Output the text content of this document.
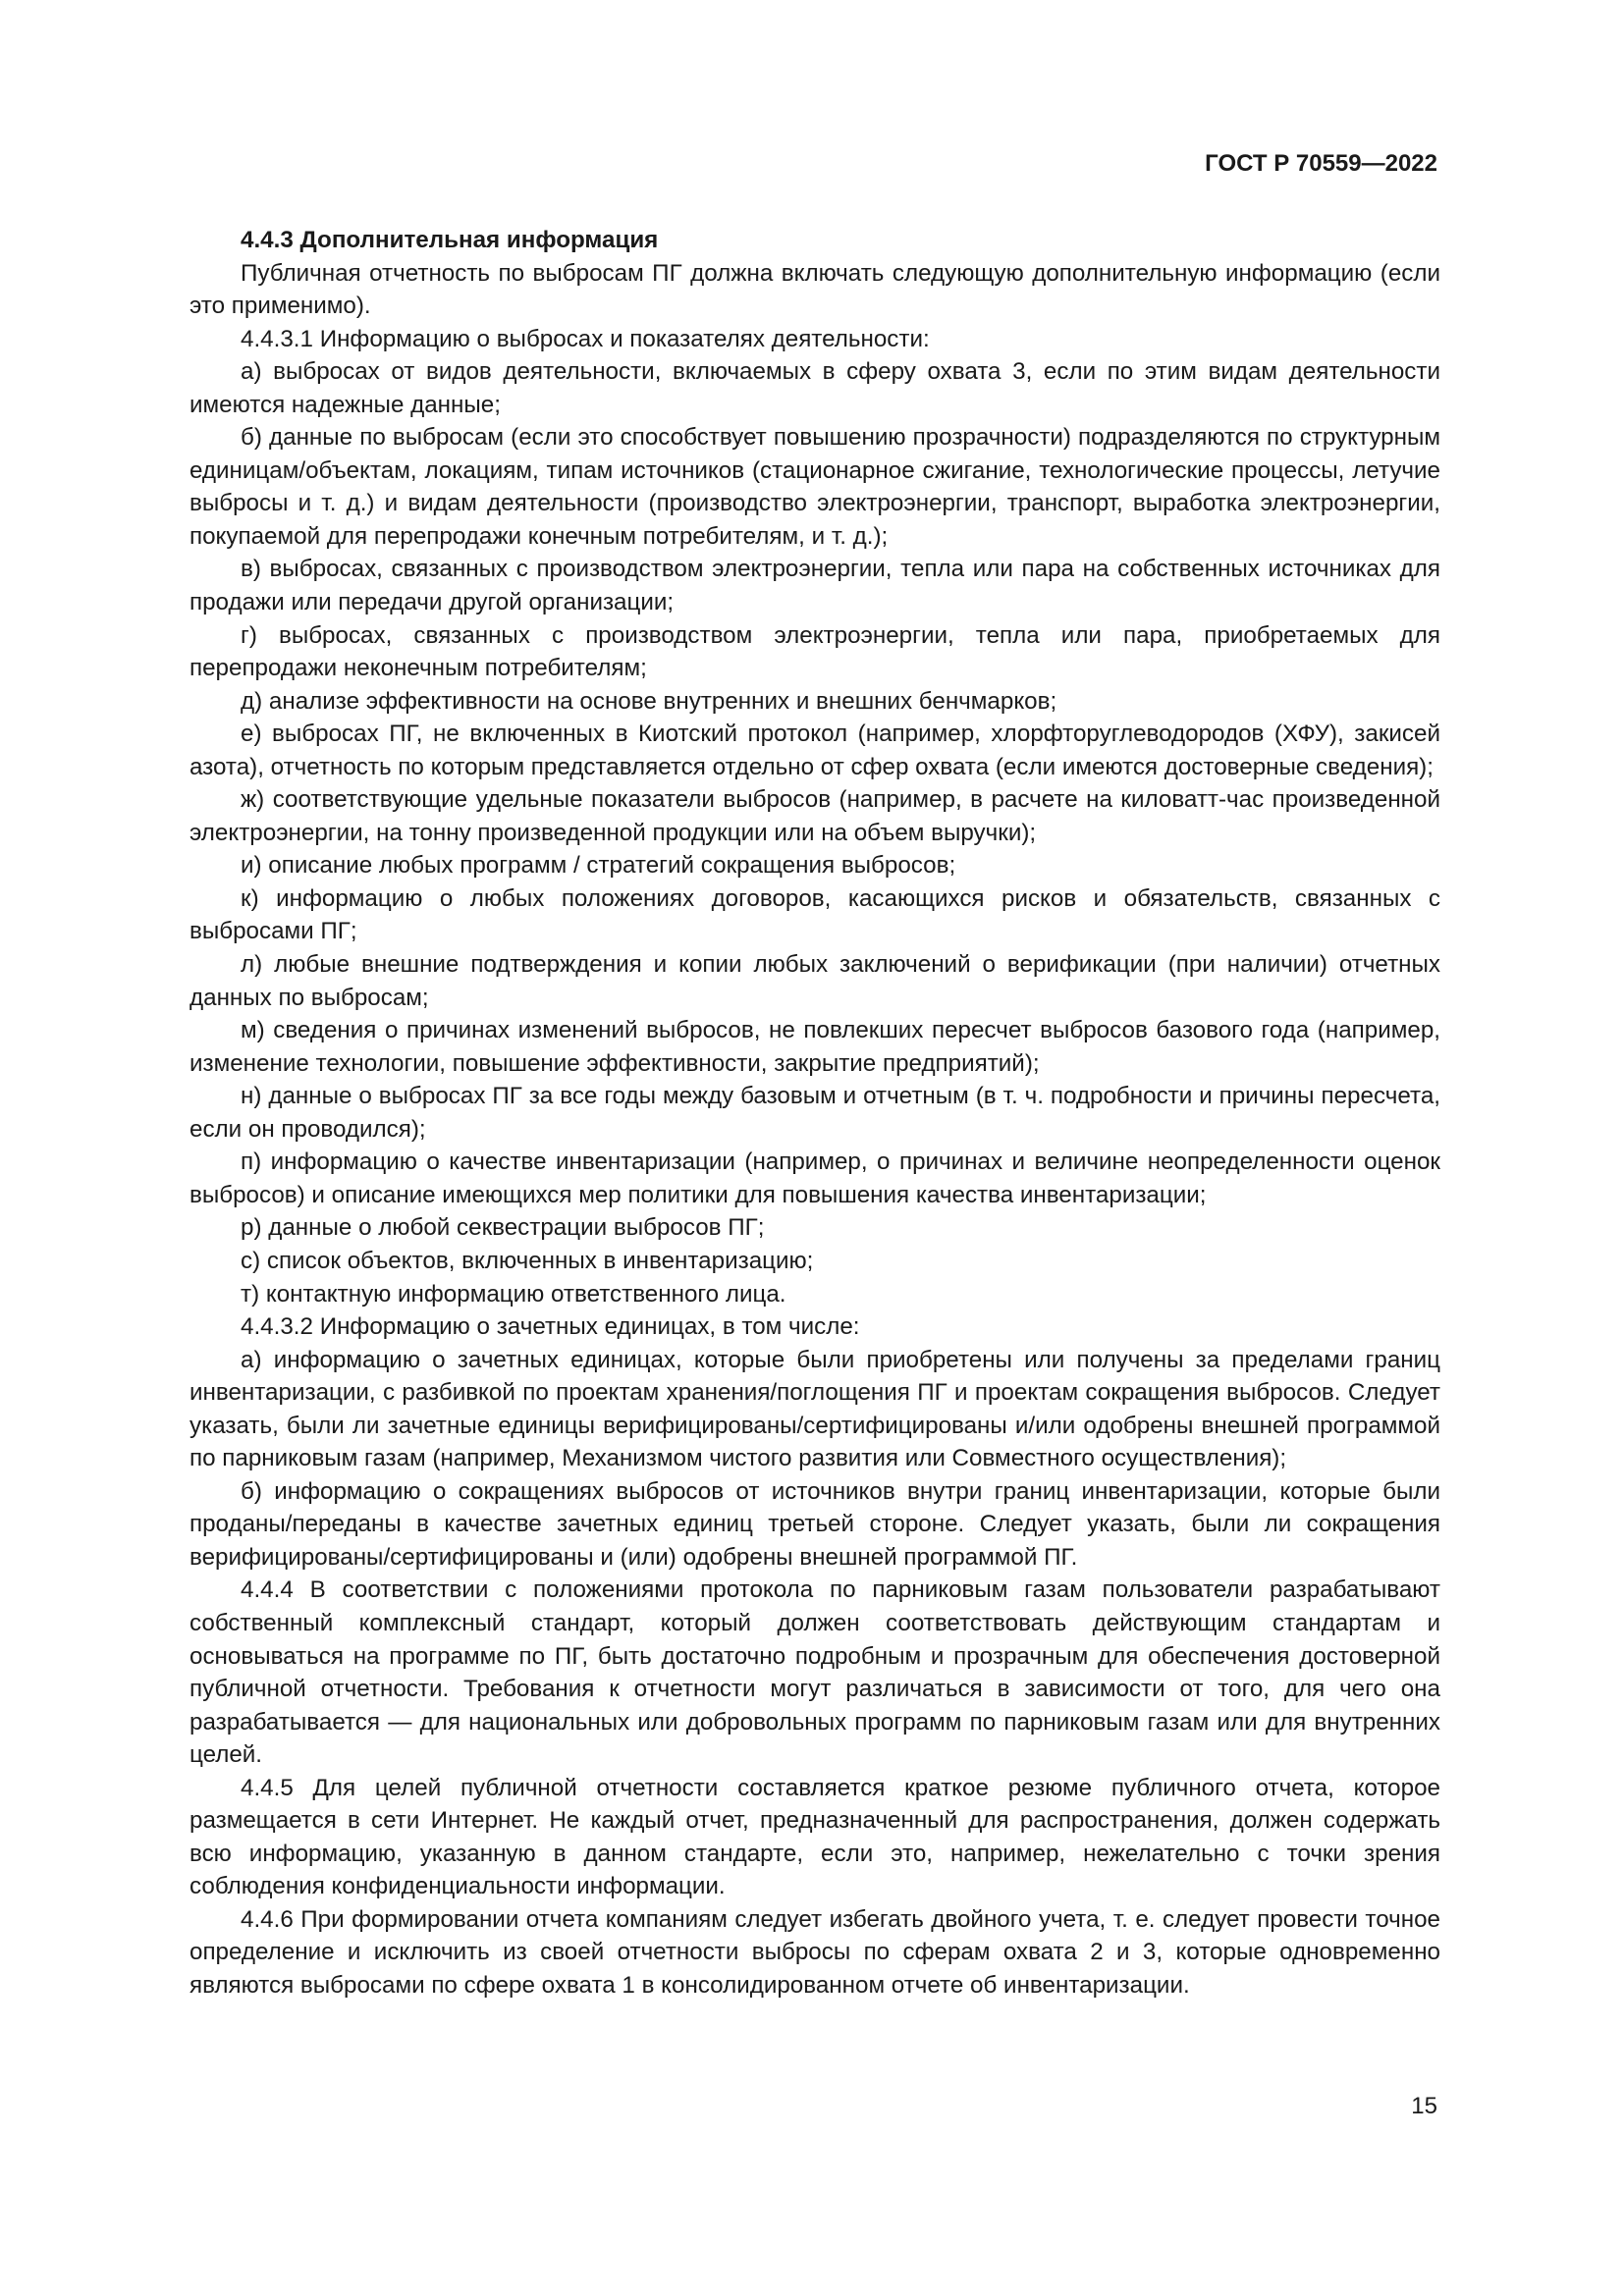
ГОСТ Р 70559—2022

4.4.3 Дополнительная информация

Публичная отчетность по выбросам ПГ должна включать следующую дополнительную информацию (если это применимо).

4.4.3.1 Информацию о выбросах и показателях деятельности:

а) выбросах от видов деятельности, включаемых в сферу охвата 3, если по этим видам деятельности имеются надежные данные;

б) данные по выбросам (если это способствует повышению прозрачности) подразделяются по структурным единицам/объектам, локациям, типам источников (стационарное сжигание, технологические процессы, летучие выбросы и т. д.) и видам деятельности (производство электроэнергии, транспорт, выработка электроэнергии, покупаемой для перепродажи конечным потребителям, и т. д.);

в) выбросах, связанных с производством электроэнергии, тепла или пара на собственных источниках для продажи или передачи другой организации;

г) выбросах, связанных с производством электроэнергии, тепла или пара, приобретаемых для перепродажи неконечным потребителям;

д) анализе эффективности на основе внутренних и внешних бенчмарков;

е) выбросах ПГ, не включенных в Киотский протокол (например, хлорфторуглеводородов (ХФУ), закисей азота), отчетность по которым представляется отдельно от сфер охвата (если имеются достоверные сведения);

ж) соответствующие удельные показатели выбросов (например, в расчете на киловатт-час произведенной электроэнергии, на тонну произведенной продукции или на объем выручки);

и) описание любых программ / стратегий сокращения выбросов;

к) информацию о любых положениях договоров, касающихся рисков и обязательств, связанных с выбросами ПГ;

л) любые внешние подтверждения и копии любых заключений о верификации (при наличии) отчетных данных по выбросам;

м) сведения о причинах изменений выбросов, не повлекших пересчет выбросов базового года (например, изменение технологии, повышение эффективности, закрытие предприятий);

н) данные о выбросах ПГ за все годы между базовым и отчетным (в т. ч. подробности и причины пересчета, если он проводился);

п) информацию о качестве инвентаризации (например, о причинах и величине неопределенности оценок выбросов) и описание имеющихся мер политики для повышения качества инвентаризации;

р) данные о любой секвестрации выбросов ПГ;

с) список объектов, включенных в инвентаризацию;

т) контактную информацию ответственного лица.

4.4.3.2 Информацию о зачетных единицах, в том числе:

а) информацию о зачетных единицах, которые были приобретены или получены за пределами границ инвентаризации, с разбивкой по проектам хранения/поглощения ПГ и проектам сокращения выбросов. Следует указать, были ли зачетные единицы верифицированы/сертифицированы и/или одобрены внешней программой по парниковым газам (например, Механизмом чистого развития или Совместного осуществления);

б) информацию о сокращениях выбросов от источников внутри границ инвентаризации, которые были проданы/переданы в качестве зачетных единиц третьей стороне. Следует указать, были ли сокращения верифицированы/сертифицированы и (или) одобрены внешней программой ПГ.

4.4.4 В соответствии с положениями протокола по парниковым газам пользователи разрабатывают собственный комплексный стандарт, который должен соответствовать действующим стандартам и основываться на программе по ПГ, быть достаточно подробным и прозрачным для обеспечения достоверной публичной отчетности. Требования к отчетности могут различаться в зависимости от того, для чего она разрабатывается — для национальных или добровольных программ по парниковым газам или для внутренних целей.

4.4.5 Для целей публичной отчетности составляется краткое резюме публичного отчета, которое размещается в сети Интернет. Не каждый отчет, предназначенный для распространения, должен содержать всю информацию, указанную в данном стандарте, если это, например, нежелательно с точки зрения соблюдения конфиденциальности информации.

4.4.6 При формировании отчета компаниям следует избегать двойного учета, т. е. следует провести точное определение и исключить из своей отчетности выбросы по сферам охвата 2 и 3, которые одновременно являются выбросами по сфере охвата 1 в консолидированном отчете об инвентаризации.

15
